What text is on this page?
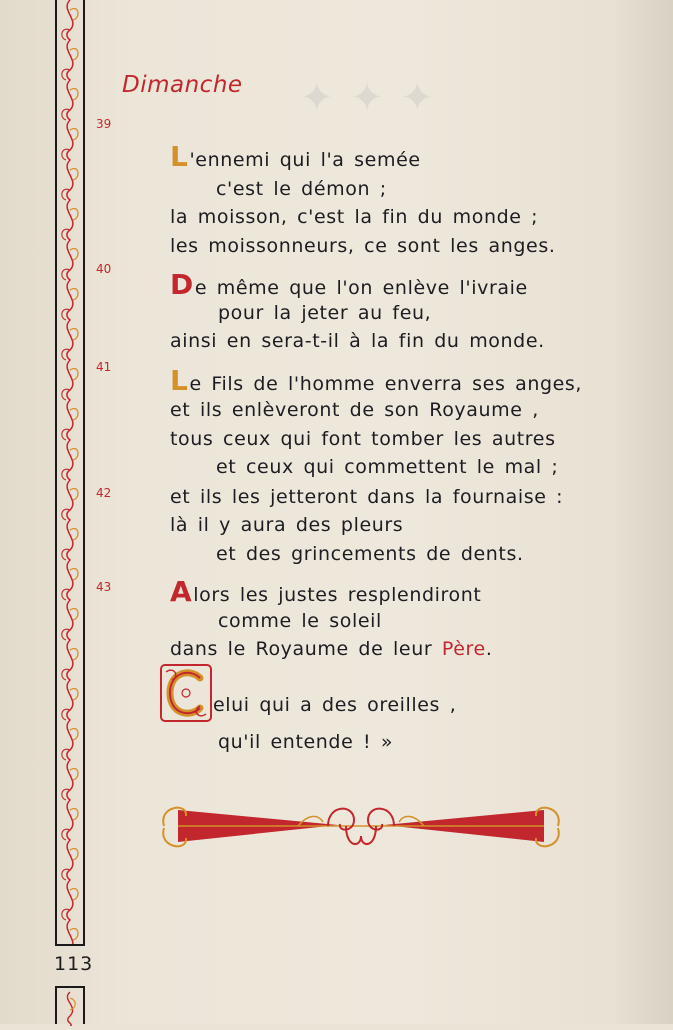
✦ ✦ ✦
113
Dimanche
39
40
41
42
43
L'ennemi qui l'a semée
c'est le démon ;
la moisson, c'est la fin du monde ;
les moissonneurs, ce sont les anges.
De même que l'on enlève l'ivraie
pour la jeter au feu,
ainsi en sera-t-il à la fin du monde.
Le Fils de l'homme enverra ses anges,
et ils enlèveront de son Royaume ,
tous ceux qui font tomber les autres
et ceux qui commettent le mal ;
et ils les jetteront dans la fournaise :
là il y aura des pleurs
et des grincements de dents.
Alors les justes resplendiront
comme le soleil
dans le Royaume de leur Père.
elui qui a des oreilles ,
qu'il entende ! »
